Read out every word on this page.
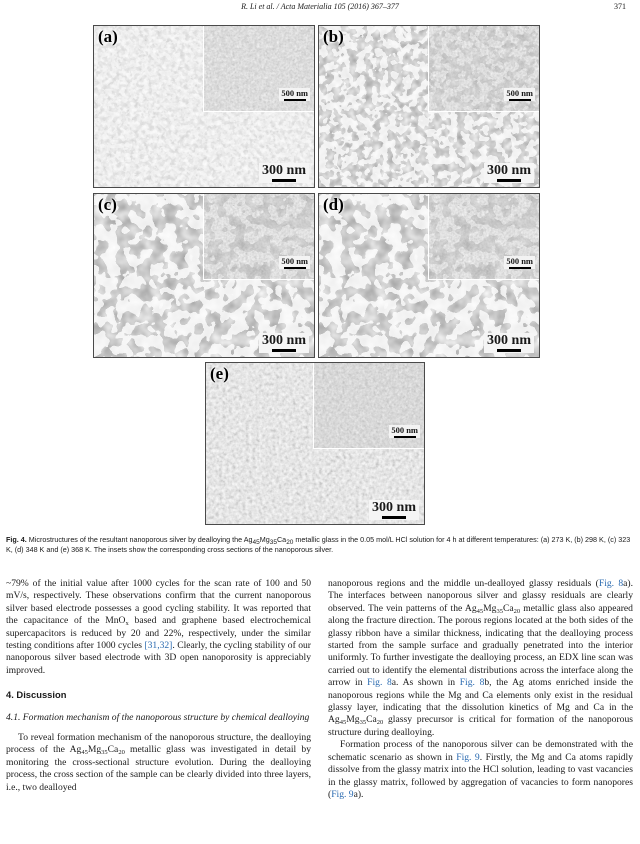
R. Li et al. / Acta Materialia 105 (2016) 367–377	371
(a)
500 nm
300 nm
(b)
500 nm
300 nm
(c)
500 nm
300 nm
(d)
500 nm
300 nm
(e)
500 nm
300 nm
Fig. 4. Microstructures of the resultant nanoporous silver by dealloying the $Ag_{45}Mg_{35}Ca_{20}$ metallic glass in the 0.05 mol/L HCl solution for 4 h at different temperatures: (a) 273 K, (b) 298 K, (c) 323 K, (d) 348 K and (e) 368 K. The insets show the corresponding cross sections of the nanoporous silver.

~79% of the initial value after 1000 cycles for the scan rate of 100 and 50 mV/s, respectively. These observations confirm that the current nanoporous silver based electrode possesses a good cycling stability. It was reported that the capacitance of the MnO$_x$ based and graphene based electrochemical supercapacitors is reduced by 20 and 22%, respectively, under the similar testing conditions after 1000 cycles [31,32]. Clearly, the cycling stability of our nanoporous silver based electrode with 3D open nanoporosity is appreciably improved.

4. Discussion
4.1. Formation mechanism of the nanoporous structure by chemical dealloying

To reveal formation mechanism of the nanoporous structure, the dealloying process of the $Ag_{45}Mg_{35}Ca_{20}$ metallic glass was investigated in detail by monitoring the cross-sectional structure evolution. During the dealloying process, the cross section of the sample can be clearly divided into three layers, i.e., two dealloyed

nanoporous regions and the middle un-dealloyed glassy residuals (Fig. 8a). The interfaces between nanoporous silver and glassy residuals are clearly observed. The vein patterns of the $Ag_{45}Mg_{35}Ca_{20}$ metallic glass also appeared along the fracture direction. The porous regions located at the both sides of the glassy ribbon have a similar thickness, indicating that the dealloying process started from the sample surface and gradually penetrated into the interior uniformly. To further investigate the dealloying process, an EDX line scan was carried out to identify the elemental distributions across the interface along the arrow in Fig. 8a. As shown in Fig. 8b, the Ag atoms enriched inside the nanoporous regions while the Mg and Ca elements only exist in the residual glassy layer, indicating that the dissolution kinetics of Mg and Ca in the $Ag_{45}Mg_{35}Ca_{20}$ glassy precursor is critical for formation of the nanoporous structure during dealloying.

Formation process of the nanoporous silver can be demonstrated with the schematic scenario as shown in Fig. 9. Firstly, the Mg and Ca atoms rapidly dissolve from the glassy matrix into the HCl solution, leading to vast vacancies in the glassy matrix, followed by aggregation of vacancies to form nanopores (Fig. 9a).
